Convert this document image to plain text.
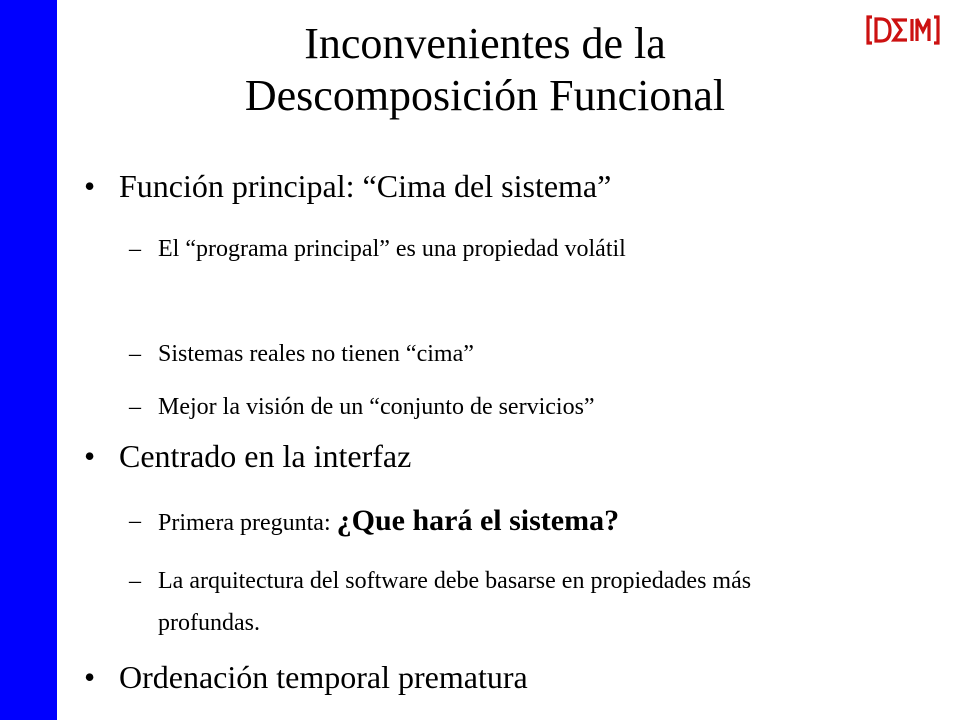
Inconvenientes de la
Descomposición Funcional
• Función principal: “Cima del sistema”
– El “programa principal” es una propiedad volátil
– Sistemas reales no tienen “cima”
– Mejor la visión de un “conjunto de servicios”
• Centrado en la interfaz
– Primera pregunta: ¿Que hará el sistema?
– La arquitectura del software debe basarse en propiedades más profundas.
• Ordenación temporal prematura
